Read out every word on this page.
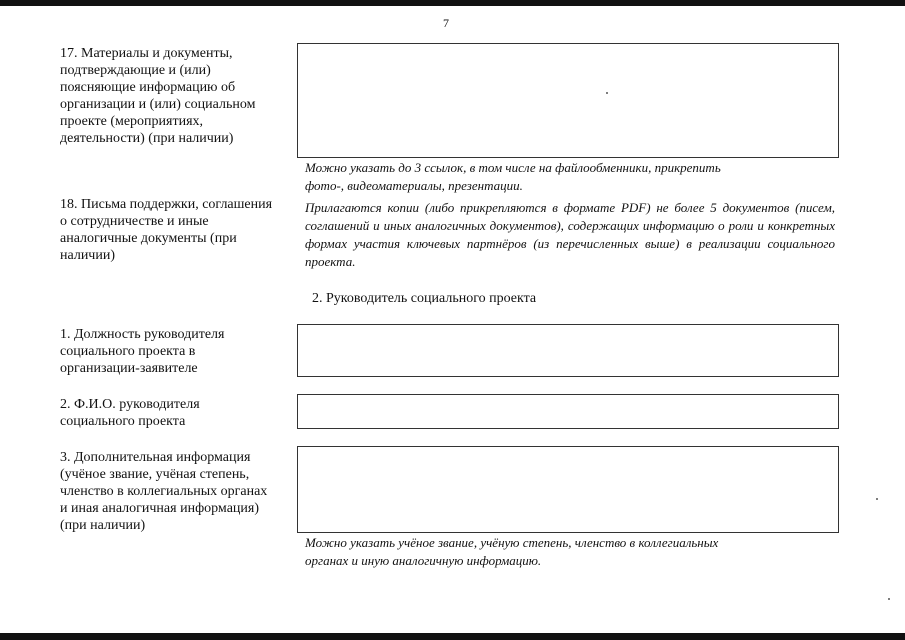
7
17. Материалы и документы,
подтверждающие и (или)
поясняющие информацию об
организации и (или) социальном
проекте (мероприятиях,
деятельности) (при наличии)
Можно указать до 3 ссылок, в том числе на файлообменники, прикрепить
фото-, видеоматериалы, презентации.
18. Письма поддержки, соглашения
о сотрудничестве и иные
аналогичные документы (при
наличии)
Прилагаются копии (либо прикрепляются в формате PDF) не более 5 документов (писем, соглашений и иных аналогичных документов), содержащих информацию о роли и конкретных формах участия ключевых партнёров (из перечисленных выше) в реализации социального проекта.
2. Руководитель социального проекта
1. Должность руководителя
социального проекта в
организации-заявителе
2. Ф.И.О. руководителя
социального проекта
3. Дополнительная информация
(учёное звание, учёная степень,
членство в коллегиальных органах
и иная аналогичная информация)
(при наличии)
Можно указать учёное звание, учёную степень, членство в коллегиальных
органах и иную аналогичную информацию.
